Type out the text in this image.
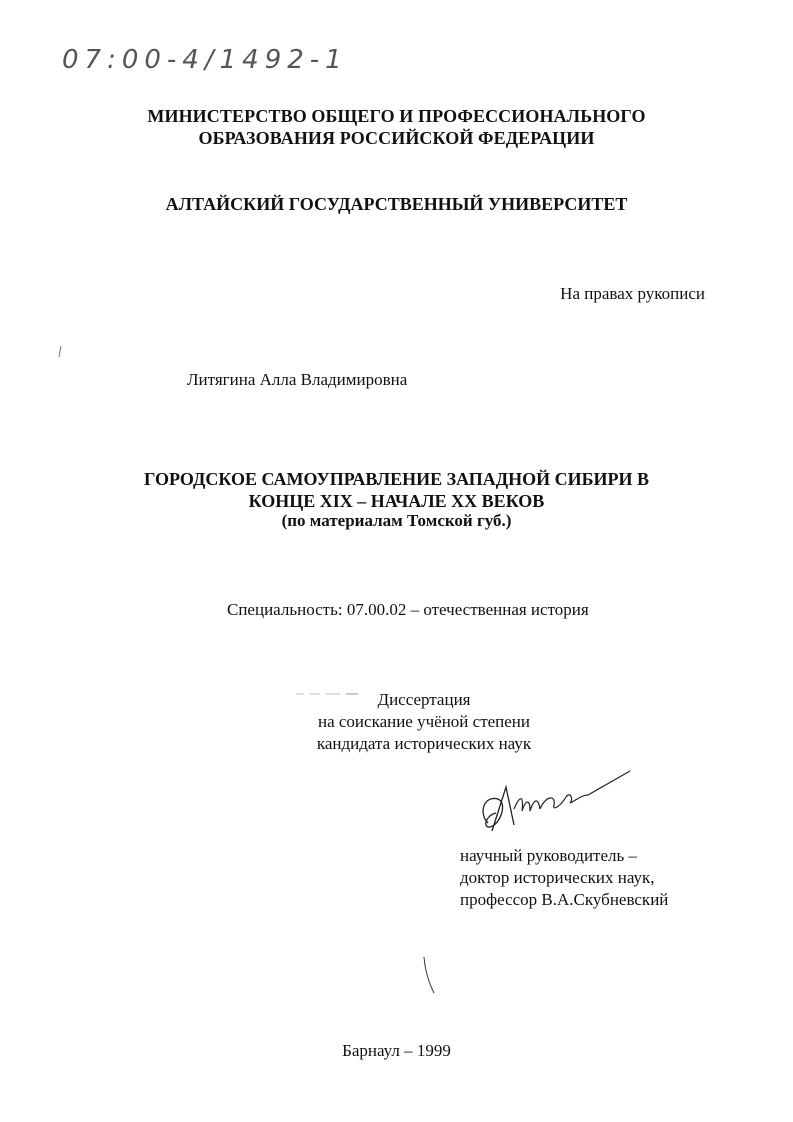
07:00-4/1492-1
МИНИСТЕРСТВО ОБЩЕГО И ПРОФЕССИОНАЛЬНОГО
ОБРАЗОВАНИЯ РОССИЙСКОЙ ФЕДЕРАЦИИ
АЛТАЙСКИЙ ГОСУДАРСТВЕННЫЙ УНИВЕРСИТЕТ
На правах рукописи
Литягина Алла Владимировна
ГОРОДСКОЕ САМОУПРАВЛЕНИЕ ЗАПАДНОЙ СИБИРИ В
КОНЦЕ XIX – НАЧАЛЕ XX ВЕКОВ
(по материалам Томской губ.)
Специальность: 07.00.02 – отечественная история
Диссертация
на соискание учёной степени
кандидата исторических наук
Алижа
научный руководитель –
доктор исторических наук,
профессор В.А.Скубневский
Барнаул – 1999
